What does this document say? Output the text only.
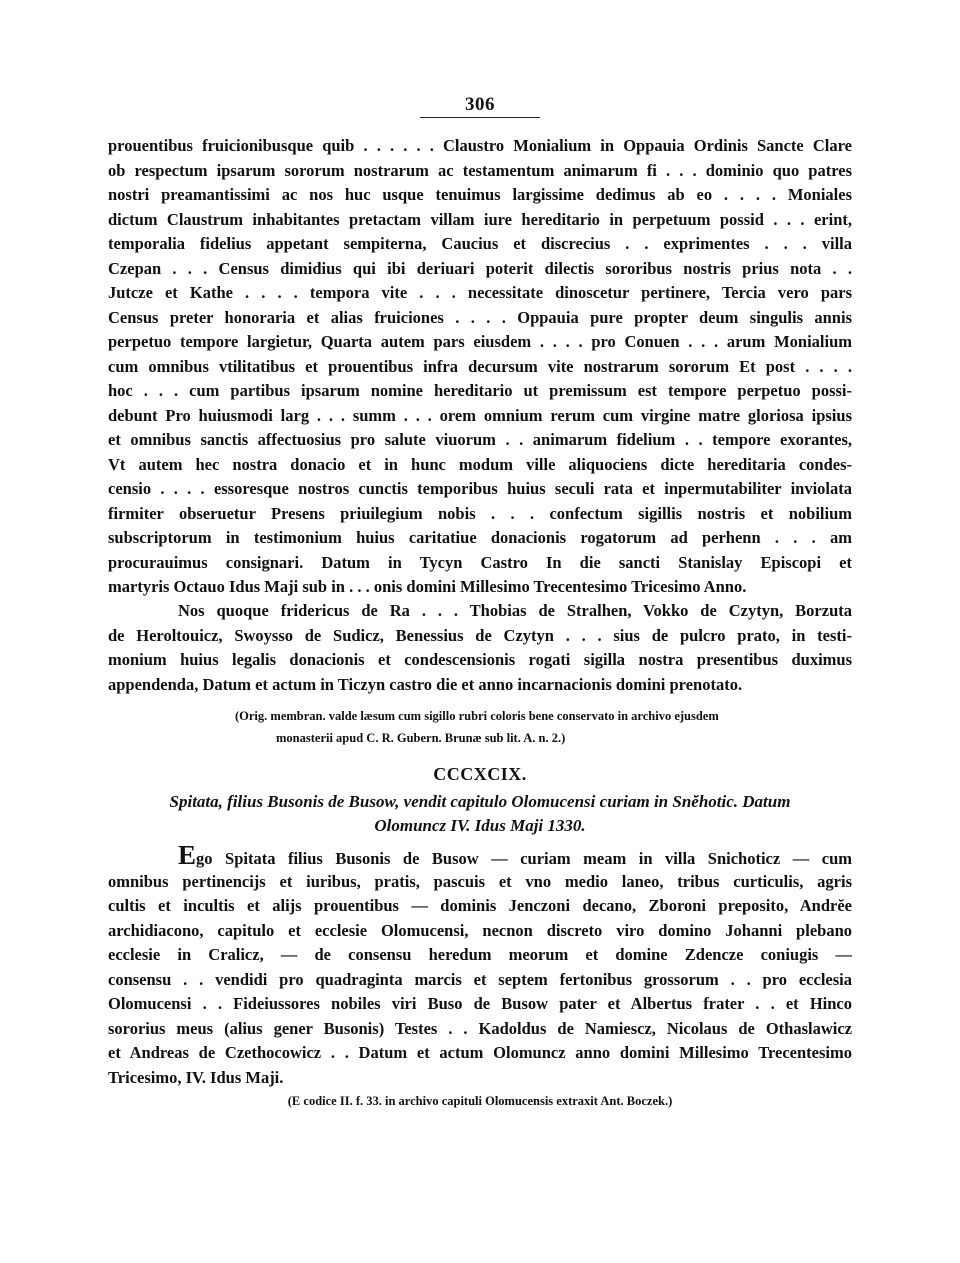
306
prouentibus fruicionibusque quib . . . . . . Claustro Monialium in Oppauia Ordinis Sancte Clare
ob respectum ipsarum sororum nostrarum ac testamentum animarum fi . . . dominio quo patres
nostri preamantissimi ac nos huc usque tenuimus largissime dedimus ab eo . . . . Moniales
dictum Claustrum inhabitantes pretactam villam iure hereditario in perpetuum possid . . . erint,
temporalia fidelius appetant sempiterna, Caucius et discrecius . . exprimentes . . . villa
Czepan . . . Census dimidius qui ibi deriuari poterit dilectis sororibus nostris prius nota . .
Jutcze et Kathe . . . . tempora vite . . . necessitate dinoscetur pertinere, Tercia vero pars
Census preter honoraria et alias fruiciones . . . . Oppauia pure propter deum singulis annis
perpetuo tempore largietur, Quarta autem pars eiusdem . . . . pro Conuen . . . arum Monialium
cum omnibus vtilitatibus et prouentibus infra decursum vite nostrarum sororum Et post . . . .
hoc . . . cum partibus ipsarum nomine hereditario ut premissum est tempore perpetuo possi-
debunt Pro huiusmodi larg . . . summ . . . orem omnium rerum cum virgine matre gloriosa ipsius
et omnibus sanctis affectuosius pro salute viuorum . . animarum fidelium . . tempore exorantes,
Vt autem hec nostra donacio et in hunc modum ville aliquociens dicte hereditaria condes-
censio . . . . essoresque nostros cunctis temporibus huius seculi rata et inpermutabiliter inviolata
firmiter obseruetur Presens priuilegium nobis . . . confectum sigillis nostris et nobilium
subscriptorum in testimonium huius caritatiue donacionis rogatorum ad perhenn . . . am
procurauimus consignari. Datum in Tycyn Castro In die sancti Stanislay Episcopi et
martyris Octauo Idus Maji sub in . . . onis domini Millesimo Trecentesimo Tricesimo Anno.
Nos quoque fridericus de Ra . . . Thobias de Stralhen, Vokko de Czytyn, Borzuta
de Heroltouicz, Swoysso de Sudicz, Benessius de Czytyn . . . sius de pulcro prato, in testi-
monium huius legalis donacionis et condescensionis rogati sigilla nostra presentibus duximus
appendenda, Datum et actum in Ticzyn castro die et anno incarnacionis domini prenotato.
(Orig. membran. valde læsum cum sigillo rubri coloris bene conservato in archivo ejusdem
monasterii apud C. R. Gubern. Brunæ sub lit. A. n. 2.)
CCCXCIX.
Spitata, filius Busonis de Busow, vendit capitulo Olomucensi curiam in Snĕhotic. Datum
Olomuncz IV. Idus Maji 1330.
Ego Spitata filius Busonis de Busow — curiam meam in villa Snichoticz — cum
omnibus pertinencijs et iuribus, pratis, pascuis et vno medio laneo, tribus curticulis, agris
cultis et incultis et alijs prouentibus — dominis Jenczoni decano, Zboroni preposito, Andrĕe
archidiacono, capitulo et ecclesie Olomucensi, necnon discreto viro domino Johanni plebano
ecclesie in Cralicz, — de consensu heredum meorum et domine Zdencze coniugis —
consensu . . vendidi pro quadraginta marcis et septem fertonibus grossorum . . pro ecclesia
Olomucensi . . Fideiussores nobiles viri Buso de Busow pater et Albertus frater . . et Hinco
sororius meus (alius gener Busonis) Testes . . Kadoldus de Namiescz, Nicolaus de Othaslawicz
et Andreas de Czethocowicz . . Datum et actum Olomuncz anno domini Millesimo Trecentesimo
Tricesimo, IV. Idus Maji.
(E codice II. f. 33. in archivo capituli Olomucensis extraxit Ant. Boczek.)
